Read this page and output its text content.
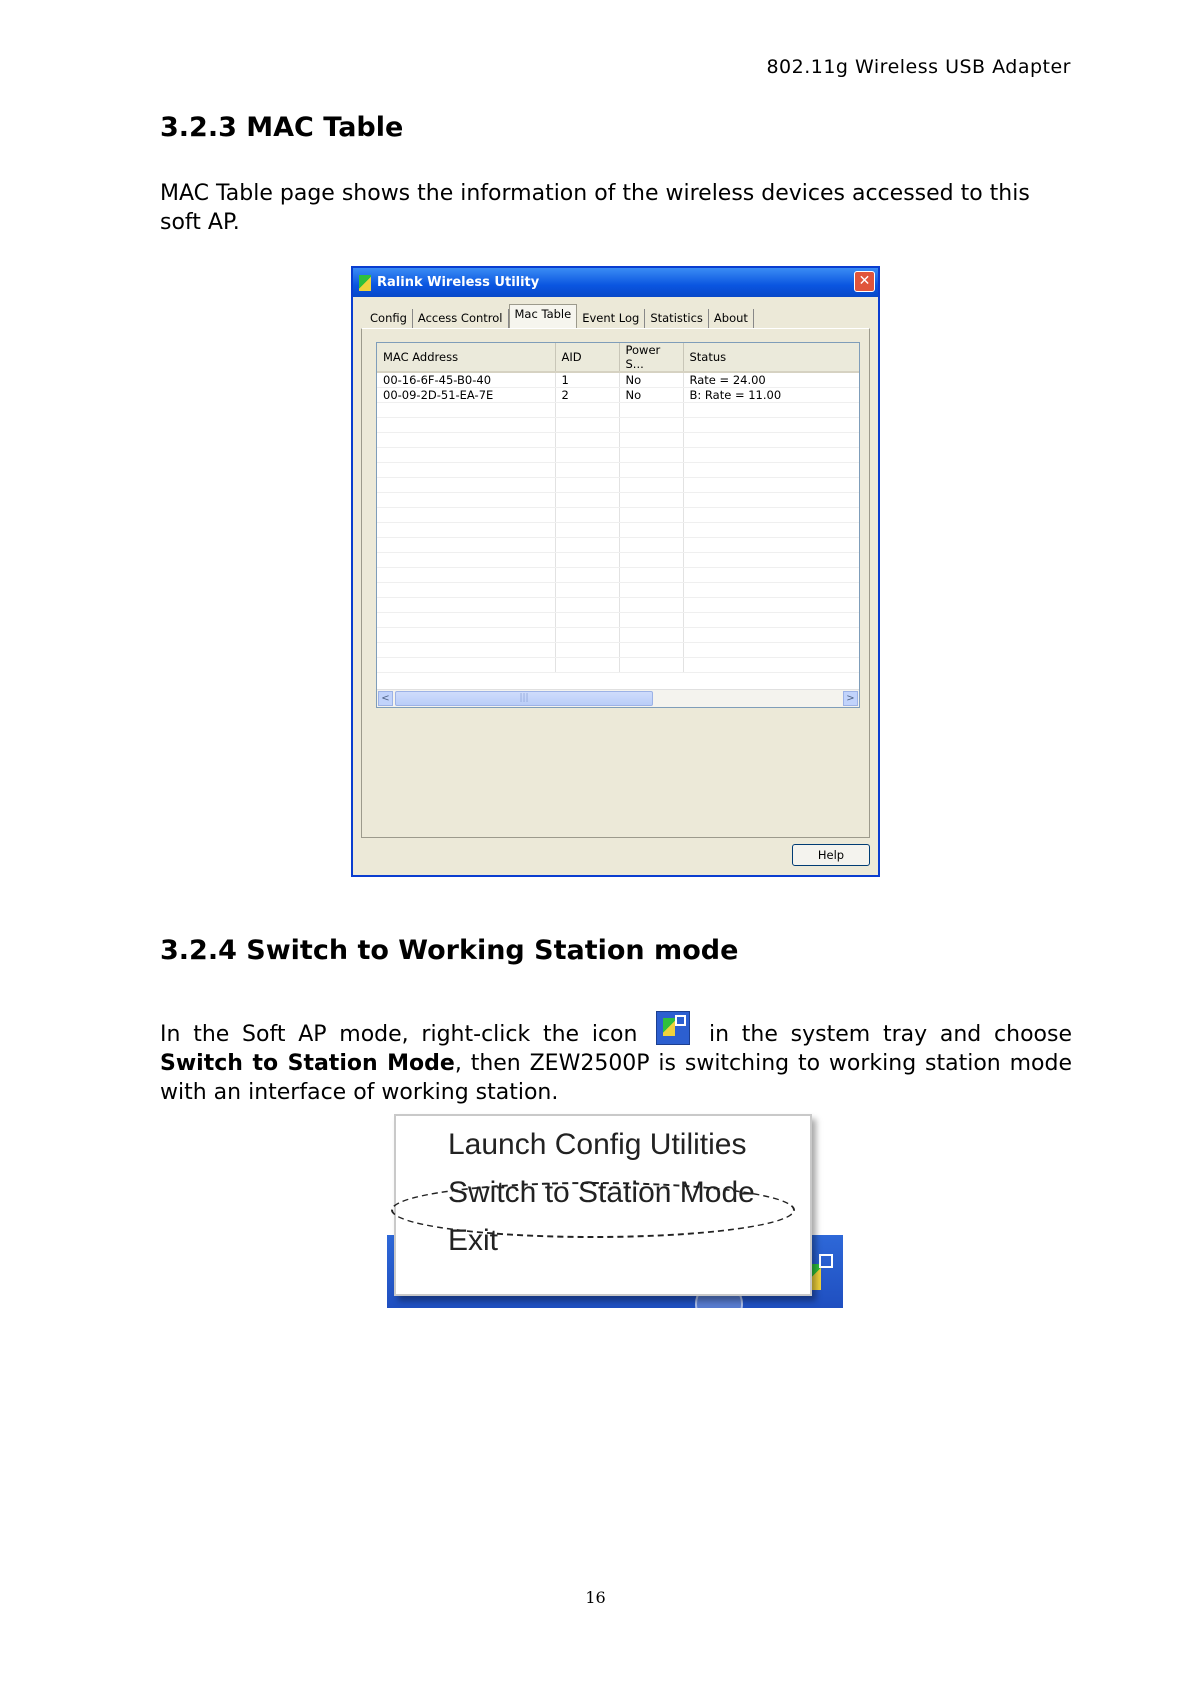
802.11g Wireless USB Adapter
3.2.3 MAC Table
MAC Table page shows the information of the wireless devices accessed to this soft AP.
Ralink Wireless Utility	✕
Config Access Control	Mac Table Event Log Statistics About
MAC Address	AID	Power S...	Status
00-16-6F-45-B0-40	1	No	Rate = 24.00
00-09-2D-51-EA-7E	2	No	B: Rate = 11.00

<	|||	>
Help
3.2.4 Switch to Working Station mode
In the Soft AP mode, right-click the icon	in the system tray and choose Switch to Station Mode, then ZEW2500P is switching to working station mode with an interface of working station.
Launch Config Utilities
Switch to Station Mode
Exit
16
